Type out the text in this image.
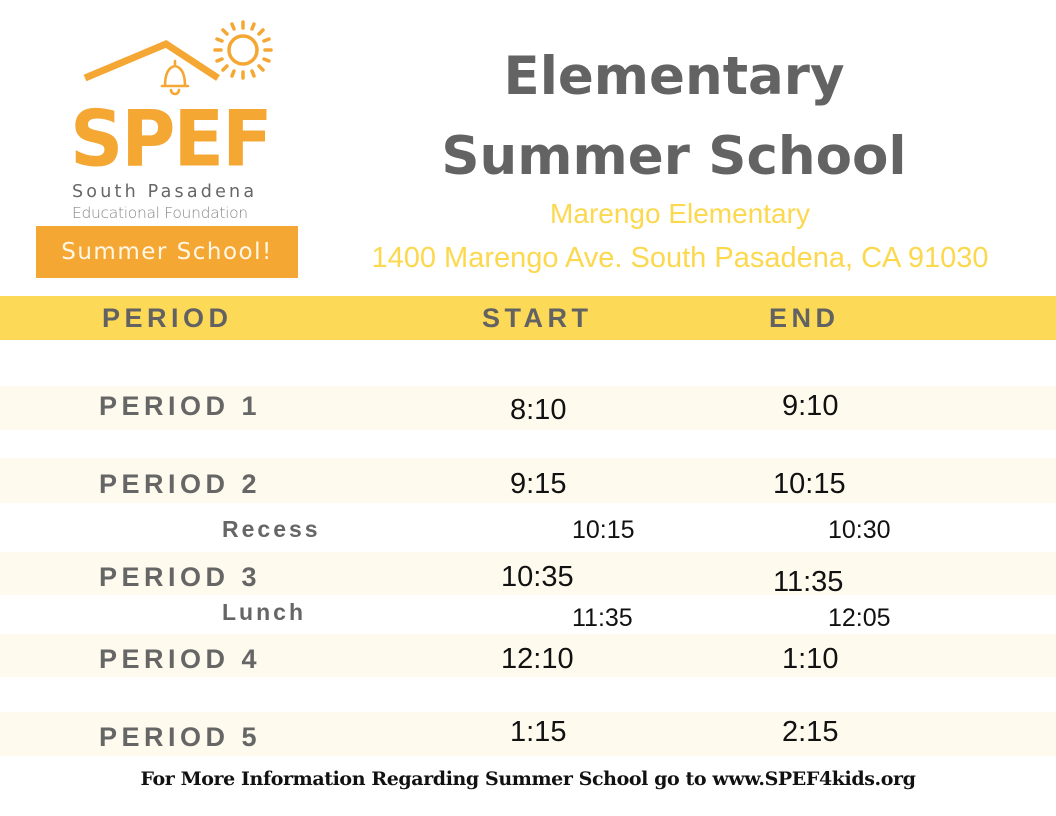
SPEF
South Pasadena
Educational Foundation
Summer School!
Elementary
Summer School
Marengo Elementary
1400 Marengo Ave. South Pasadena, CA 91030
PERIOD	START	END
PERIOD 1	8:10	9:10
PERIOD 2	9:15	10:15
Recess	10:15	10:30
PERIOD 3	10:35	11:35
Lunch	11:35	12:05
PERIOD 4	12:10	1:10
PERIOD 5	1:15	2:15
For More Information Regarding Summer School go to www.SPEF4kids.org
